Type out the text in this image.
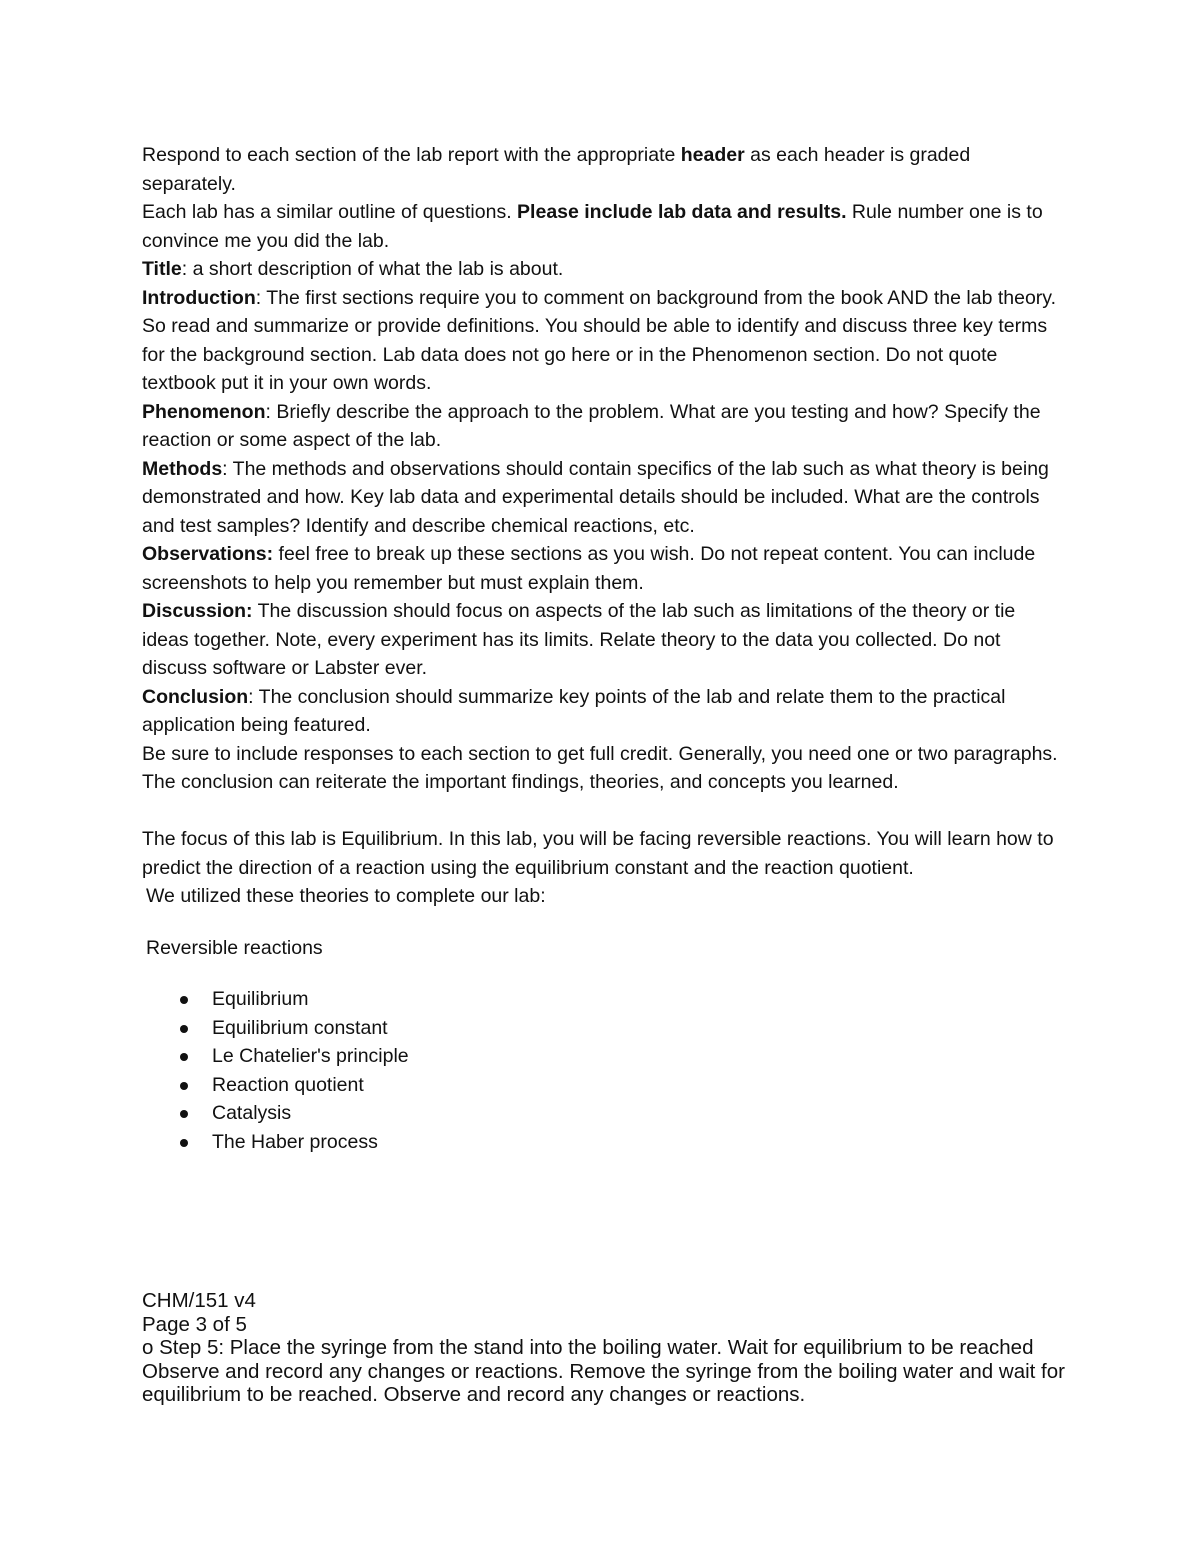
Respond to each section of the lab report with the appropriate header as each header is graded separately.

Each lab has a similar outline of questions. Please include lab data and results. Rule number one is to convince me you did the lab.

Title: a short description of what the lab is about.

Introduction: The first sections require you to comment on background from the book AND the lab theory. So read and summarize or provide definitions. You should be able to identify and discuss three key terms for the background section. Lab data does not go here or in the Phenomenon section. Do not quote textbook put it in your own words.

Phenomenon: Briefly describe the approach to the problem. What are you testing and how? Specify the reaction or some aspect of the lab.

Methods: The methods and observations should contain specifics of the lab such as what theory is being demonstrated and how. Key lab data and experimental details should be included. What are the controls and test samples? Identify and describe chemical reactions, etc.

Observations: feel free to break up these sections as you wish. Do not repeat content. You can include screenshots to help you remember but must explain them.

Discussion: The discussion should focus on aspects of the lab such as limitations of the theory or tie ideas together. Note, every experiment has its limits. Relate theory to the data you collected. Do not discuss software or Labster ever.

Conclusion: The conclusion should summarize key points of the lab and relate them to the practical application being featured.

Be sure to include responses to each section to get full credit. Generally, you need one or two paragraphs. The conclusion can reiterate the important findings, theories, and concepts you learned.

The focus of this lab is Equilibrium. In this lab, you will be facing reversible reactions. You will learn how to predict the direction of a reaction using the equilibrium constant and the reaction quotient.

We utilized these theories to complete our lab:

Reversible reactions

Equilibrium
Equilibrium constant
Le Chatelier's principle
Reaction quotient
Catalysis
The Haber process

CHM/151 v4

Page 3 of 5

o Step 5: Place the syringe from the stand into the boiling water. Wait for equilibrium to be reached Observe and record any changes or reactions. Remove the syringe from the boiling water and wait for equilibrium to be reached. Observe and record any changes or reactions.
